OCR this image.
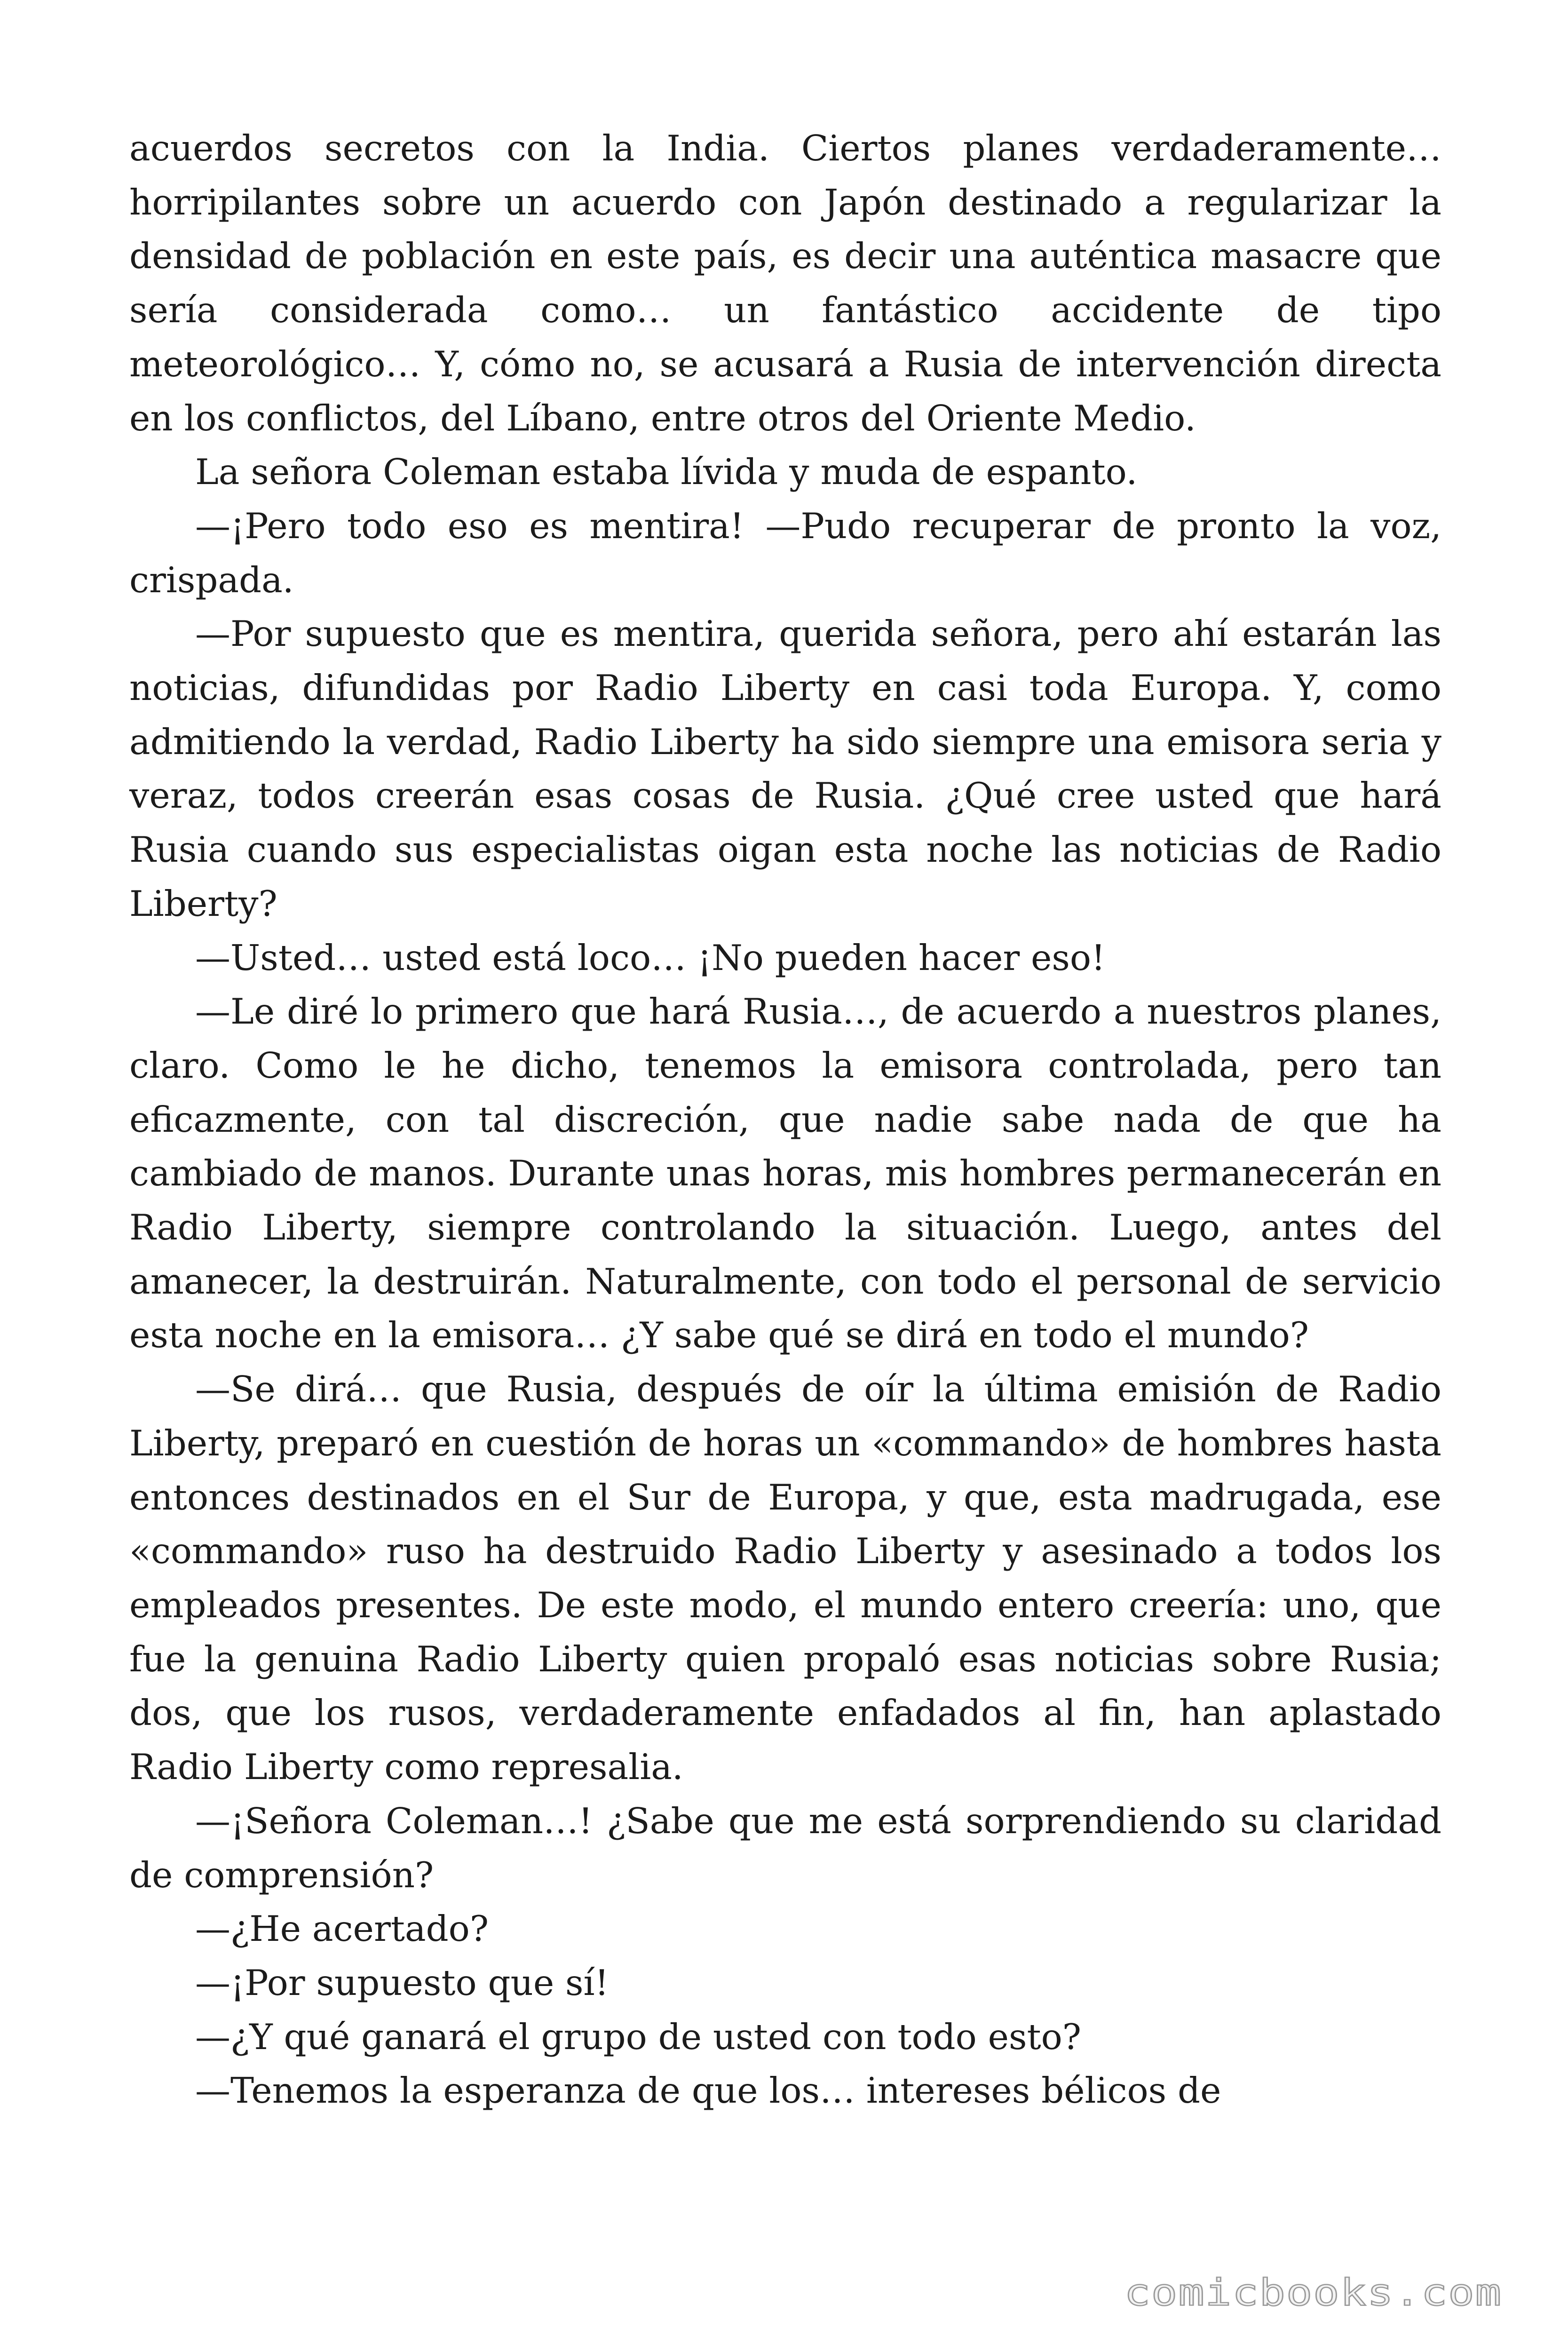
acuerdos secretos con la India. Ciertos planes verdaderamente… horripilantes sobre un acuerdo con Japón destinado a regularizar la densidad de población en este país, es decir una auténtica masacre que sería considerada como… un fantástico accidente de tipo meteorológico… Y, cómo no, se acusará a Rusia de intervención directa en los conflictos, del Líbano, entre otros del Oriente Medio.

La señora Coleman estaba lívida y muda de espanto.

—¡Pero todo eso es mentira! —Pudo recuperar de pronto la voz, crispada.

—Por supuesto que es mentira, querida señora, pero ahí estarán las noticias, difundidas por Radio Liberty en casi toda Europa. Y, como admitiendo la verdad, Radio Liberty ha sido siempre una emisora seria y veraz, todos creerán esas cosas de Rusia. ¿Qué cree usted que hará Rusia cuando sus especialistas oigan esta noche las noticias de Radio Liberty?

—Usted… usted está loco… ¡No pueden hacer eso!

—Le diré lo primero que hará Rusia…, de acuerdo a nuestros planes, claro. Como le he dicho, tenemos la emisora controlada, pero tan eficazmente, con tal discreción, que nadie sabe nada de que ha cambiado de manos. Durante unas horas, mis hombres permanecerán en Radio Liberty, siempre controlando la situación. Luego, antes del amanecer, la destruirán. Naturalmente, con todo el personal de servicio esta noche en la emisora… ¿Y sabe qué se dirá en todo el mundo?

—Se dirá… que Rusia, después de oír la última emisión de Radio Liberty, preparó en cuestión de horas un «commando» de hombres hasta entonces destinados en el Sur de Europa, y que, esta madrugada, ese «commando» ruso ha destruido Radio Liberty y asesinado a todos los empleados presentes. De este modo, el mundo entero creería: uno, que fue la genuina Radio Liberty quien propaló esas noticias sobre Rusia; dos, que los rusos, verdaderamente enfadados al fin, han aplastado Radio Liberty como represalia.

—¡Señora Coleman…! ¿Sabe que me está sorprendiendo su claridad de comprensión?

—¿He acertado?

—¡Por supuesto que sí!

—¿Y qué ganará el grupo de usted con todo esto?

—Tenemos la esperanza de que los… intereses bélicos de

comicbooks.com
